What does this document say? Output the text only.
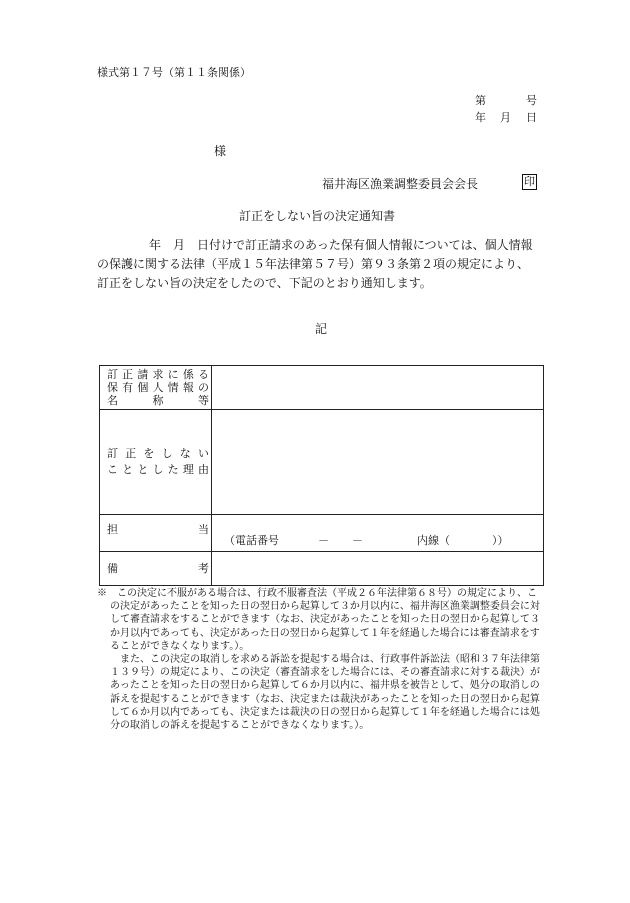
様式第１７号（第１１条関係）
第	号
年 月 日
様
福井海区漁業調整委員会会長	印
訂正をしない旨の決定通知書
年 月 日付けで訂正請求のあった保有個人情報については、個人情報の保護に関する法律（平成１５年法律第５７号）第９３条第２項の規定により、訂正をしない旨の決定をしたので、下記のとおり通知します。
記
訂正請求に係る
保有個人情報の
名　　称　　等	

訂正をしない
こととした理由	

担　　　　　当	（電話番号 － － 内線（ ））

備　　　　　考	

※　この決定に不服がある場合は、行政不服審査法（平成２６年法律第６８号）の規定により、この決定があったことを知った日の翌日から起算して３か月以内に、福井海区漁業調整委員会に対して審査請求をすることができます（なお、決定があったことを知った日の翌日から起算して３か月以内であっても、決定があった日の翌日から起算して１年を経過した場合には審査請求をすることができなくなります。）。

また、この決定の取消しを求める訴訟を提起する場合は、行政事件訴訟法（昭和３７年法律第１３９号）の規定により、この決定（審査請求をした場合には、その審査請求に対する裁決）があったことを知った日の翌日から起算して６か月以内に、福井県を被告として、処分の取消しの訴えを提起することができます（なお、決定または裁決があったことを知った日の翌日から起算して６か月以内であっても、決定または裁決の日の翌日から起算して１年を経過した場合には処分の取消しの訴えを提起することができなくなります。）。
